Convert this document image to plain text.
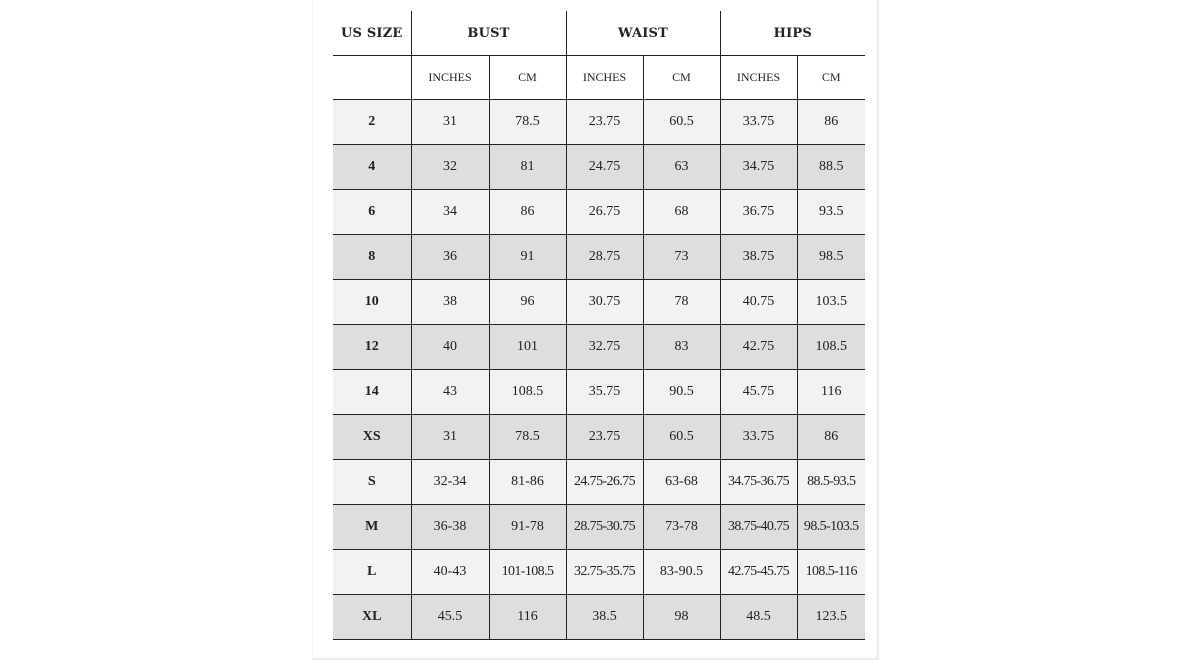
US SIZE	BUST		WAIST		HIPS	
	INCHES	CM	INCHES	CM	INCHES	CM
2	31	78.5	23.75	60.5	33.75	86
4	32	81	24.75	63	34.75	88.5
6	34	86	26.75	68	36.75	93.5
8	36	91	28.75	73	38.75	98.5
10	38	96	30.75	78	40.75	103.5
12	40	101	32.75	83	42.75	108.5
14	43	108.5	35.75	90.5	45.75	116
XS	31	78.5	23.75	60.5	33.75	86
S	32-34	81-86	24.75-26.75	63-68	34.75-36.75	88.5-93.5
M	36-38	91-78	28.75-30.75	73-78	38.75-40.75	98.5-103.5
L	40-43	101-108.5	32.75-35.75	83-90.5	42.75-45.75	108.5-116
XL	45.5	116	38.5	98	48.5	123.5
